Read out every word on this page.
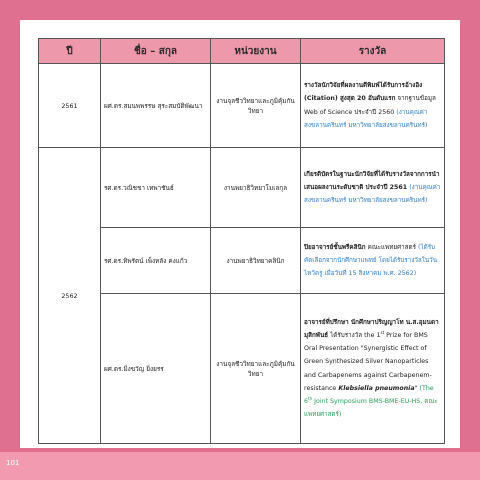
ปี	ชื่อ – สกุล	หน่วยงาน	รางวัล
2561	ผศ.ดร.สมนพพรรษ สุระสมบัติพัฒนา	งานจุลชีววิทยาและภูมิคุ้มกันวิทยา	รางวัลนักวิจัยที่ผลงานตีพิมพ์ได้รับการอ้างอิง (Citation) สูงสุด 20 อันดับแรก จากฐานข้อมูล Web of Science ประจำปี 2560 (งานคุณค่าสงขลานครินทร์ มหาวิทยาลัยสงขลานครินทร์)
2562	รศ.ดร.วณิชชา เทพาชันธ์	งานพยาธิวิทยาโมเลกุล	เกียรติบัตรในฐานะนักวิจัยที่ได้รับรางวัลจากการนำเสนอผลงานระดับชาติ ประจำปี 2561 (งานคุณค่าสงขลานครินทร์ มหาวิทยาลัยสงขลานครินทร์)
	รศ.ดร.ทิพรัตน์ เพ็งหลัง คงแก้ว	งานพยาธิวิทยาคลินิก	ปิยอาจารย์ชั้นพรีคลินิก คณะแพทยศาสตร์ (ได้รับคัดเลือกจากนักศึกษาแพทย์ โดยได้รับรางวัลในวันไหว้ครู เมื่อวันที่ 15 สิงหาคม พ.ศ. 2562)
	ผศ.ดร.มิ่งขวัญ ยิ่งยรร	งานจุลชีววิทยาและภูมิคุ้มกันวิทยา	อาจารย์ที่ปรึกษา นักศึกษาปริญญาโท น.ส.อุมนดา มุสิกพันธ์ ได้รับรางวัล the 1st Prize for BMS Oral Presentation "Synergistic Effect of Green Synthesized Silver Nanoparticles and Carbapenems against Carbapenem-resistance Klebsiella pneumonia" (The 6th Joint Symposium BMS-BME-EU-HS, คณะแพทยศาสตร์)
101
